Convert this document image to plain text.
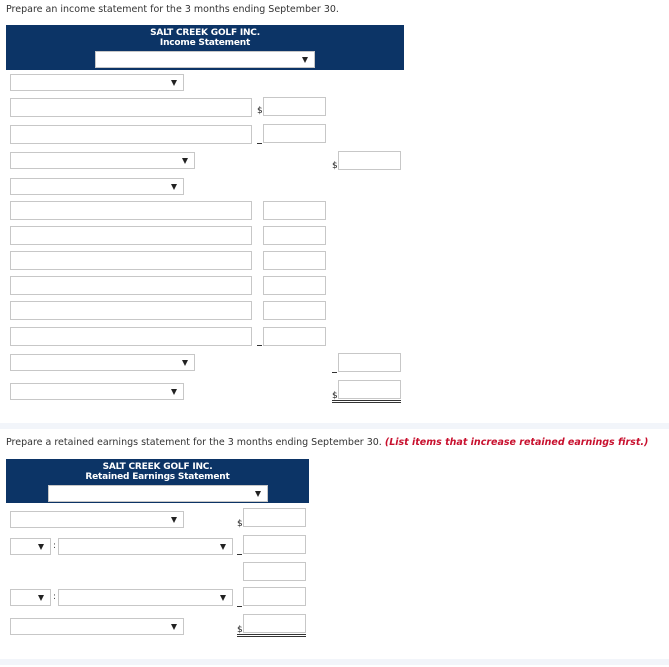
Prepare an income statement for the 3 months ending September 30.
SALT CREEK GOLF INC.
Income Statement
$
$
$
Prepare a retained earnings statement for the 3 months ending September 30. (List items that increase retained earnings first.)
SALT CREEK GOLF INC.
Retained Earnings Statement
$
:
:
$
